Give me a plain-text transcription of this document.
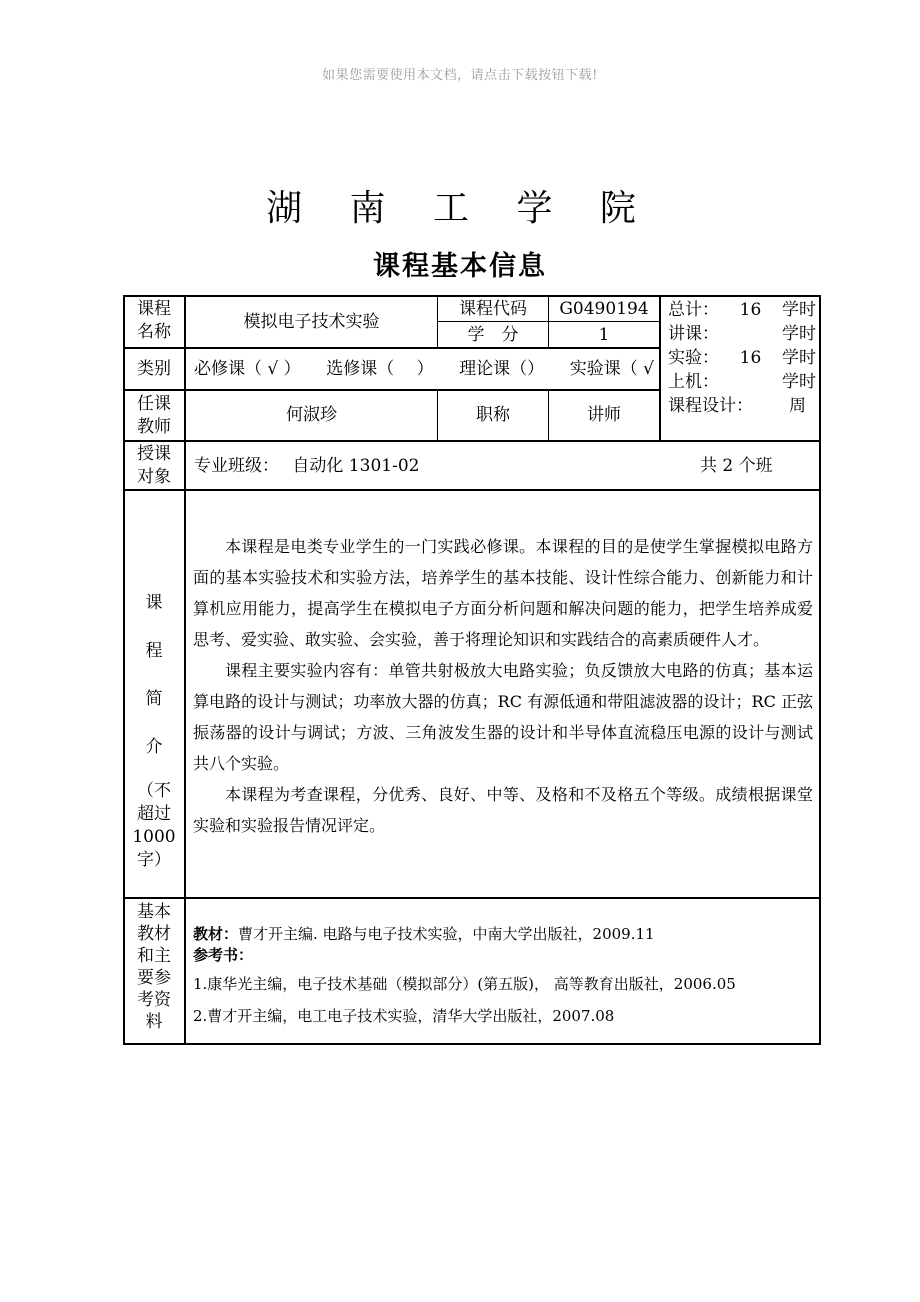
如果您需要使用本文档，请点击下载按钮下载!
湖 南 工 学 院
课程基本信息
课程
名称	模拟电子技术实验
课程代码	G0490194
学　分	1
总计： 16 学时
讲课：	学时
实验： 16 学时
上机：	学时
课程设计： 周
类别	必修课（ √ ） 选修课（　 ） 理论课（） 实验课（ √
任课
教师
何淑珍	职称	讲师
授课
对象
专业班级： 自动化 1301-02	共 2 个班
课
程
简
介
（不
超过
1000
字）

本课程是电类专业学生的一门实践必修课。本课程的目的是使学生掌握模拟电路方面的基本实验技术和实验方法，培养学生的基本技能、设计性综合能力、创新能力和计算机应用能力，提高学生在模拟电子方面分析问题和解决问题的能力，把学生培养成爱思考、爱实验、敢实验、会实验，善于将理论知识和实践结合的高素质硬件人才。

课程主要实验内容有：单管共射极放大电路实验；负反馈放大电路的仿真；基本运算电路的设计与测试；功率放大器的仿真；RC 有源低通和带阻滤波器的设计；RC 正弦振荡器的设计与调试；方波、三角波发生器的设计和半导体直流稳压电源的设计与测试共八个实验。

本课程为考查课程，分优秀、良好、中等、及格和不及格五个等级。成绩根据课堂实验和实验报告情况评定。

基本
教材
和主
要参
考资
料
教材：曹才开主编. 电路与电子技术实验，中南大学出版社，2009.11
参考书：
1.康华光主编，电子技术基础（模拟部分）(第五版)， 高等教育出版社，2006.05
2.曹才开主编，电工电子技术实验，清华大学出版社，2007.08
